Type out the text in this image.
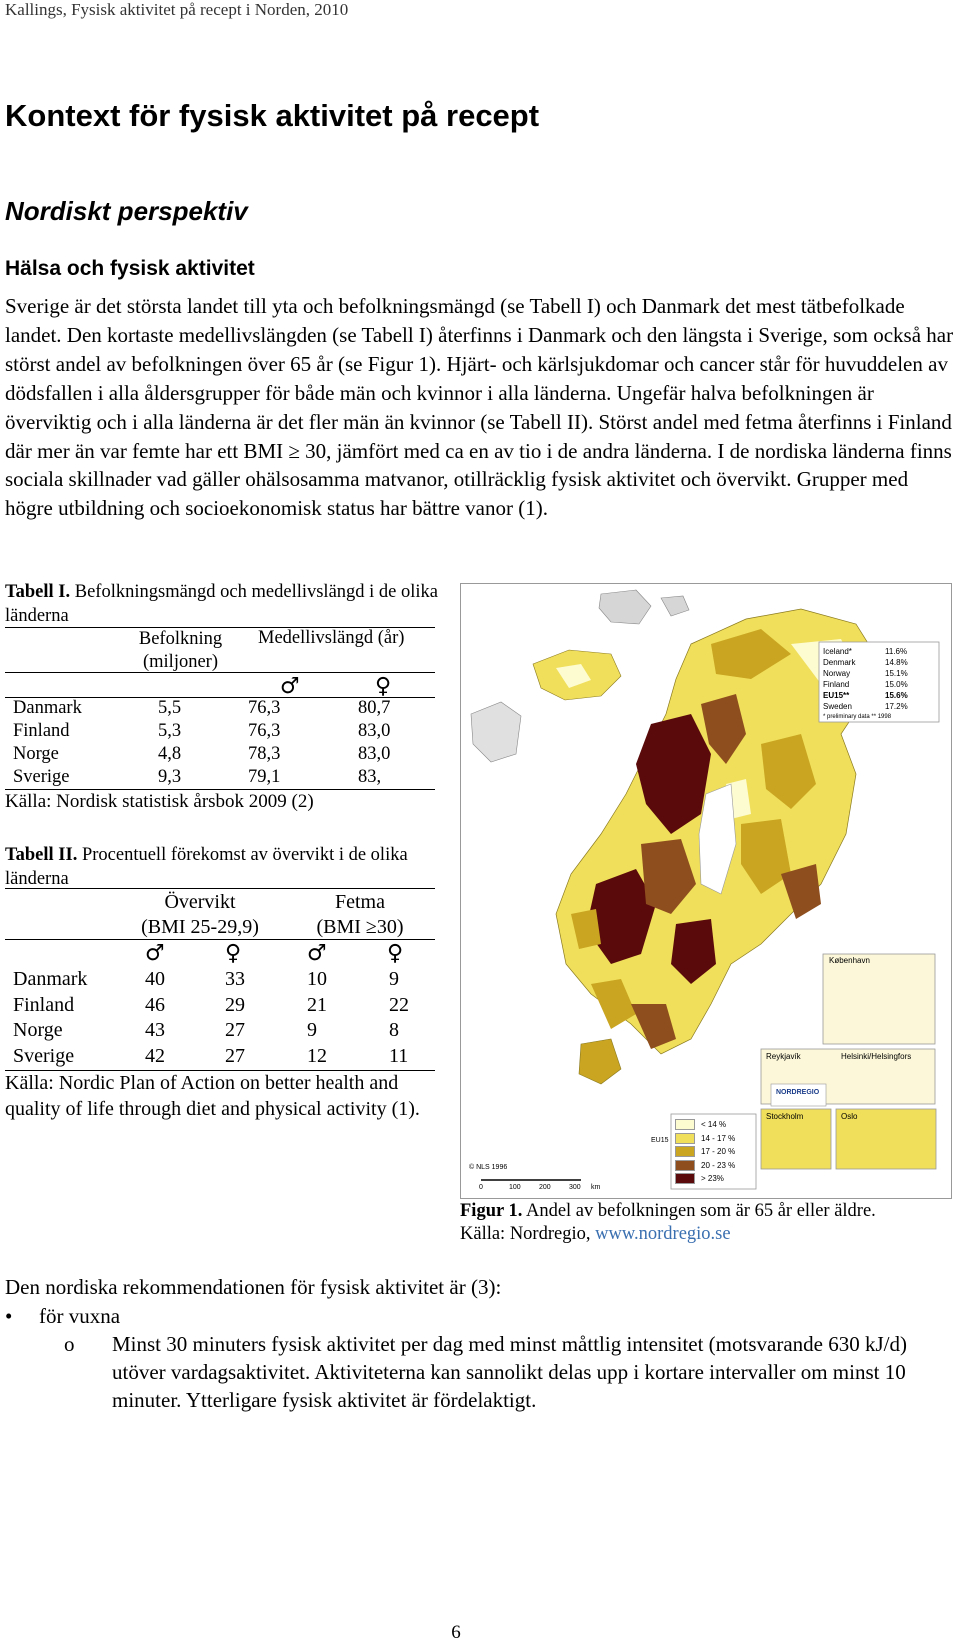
Kallings, Fysisk aktivitet på recept i Norden, 2010
Kontext för fysisk aktivitet på recept
Nordiskt perspektiv
Hälsa och fysisk aktivitet

Sverige är det största landet till yta och befolkningsmängd (se Tabell I) och Danmark det mest tätbefolkade landet. Den kortaste medellivslängden (se Tabell I) återfinns i Danmark och den längsta i Sverige, som också har störst andel av befolkningen över 65 år (se Figur 1). Hjärt- och kärlsjukdomar och cancer står för huvuddelen av dödsfallen i alla åldersgrupper för både män och kvinnor i alla länderna. Ungefär halva befolkningen är överviktig och i alla länderna är det fler män än kvinnor (se Tabell II). Störst andel med fetma återfinns i Finland där mer än var femte har ett BMI ≥ 30, jämfört med ca en av tio i de andra länderna. I de nordiska länderna finns sociala skillnader vad gäller ohälsosamma matvanor, otillräcklig fysisk aktivitet och övervikt. Grupper med högre utbildning och socioekonomisk status har bättre vanor (1).

Tabell I. Befolkningsmängd och medellivslängd i de olika länderna
Befolkning (miljoner)
Medellivslängd (år)
♂	♀
Danmark	5,5	76,3	80,7
Finland	5,3	76,3	83,0
Norge	4,8	78,3	83,0
Sverige	9,3	79,1	83,
Källa: Nordisk statistisk årsbok 2009 (2)
Tabell II. Procentuell förekomst av övervikt i de olika länderna
Övervikt
(BMI 25-29,9)
Fetma
(BMI ≥30)
♂	♀	♂	♀
Danmark	40	33	10	9
Finland	46	29	21	22
Norge	43	27	9	8
Sverige	42	27	12	11
Källa: Nordic Plan of Action on better health and quality of life through diet and physical activity (1).
Iceland*	11.6%
Denmark	14.8%
Norway	15.1%
Finland	15.0%
EU15**	15.6%
Sweden	17.2%
* preliminary data ** 1998
København
Reykjavík	Helsinki/Helsingfors
Stockholm	Oslo
NORDREGIO
< 14 %
14 - 17 %
17 - 20 %
20 - 23 %
> 23%
EU15
© NLS 1996
0	100	200	300 km
Figur 1. Andel av befolkningen som är 65 år eller äldre. Källa: Nordregio, www.nordregio.se
Den nordiska rekommendationen för fysisk aktivitet är (3):
• för vuxna
o Minst 30 minuters fysisk aktivitet per dag med minst måttlig intensitet (motsvarande 630 kJ/d) utöver vardagsaktivitet. Aktiviteterna kan sannolikt delas upp i kortare intervaller om minst 10 minuter. Ytterligare fysisk aktivitet är fördelaktigt.
6
